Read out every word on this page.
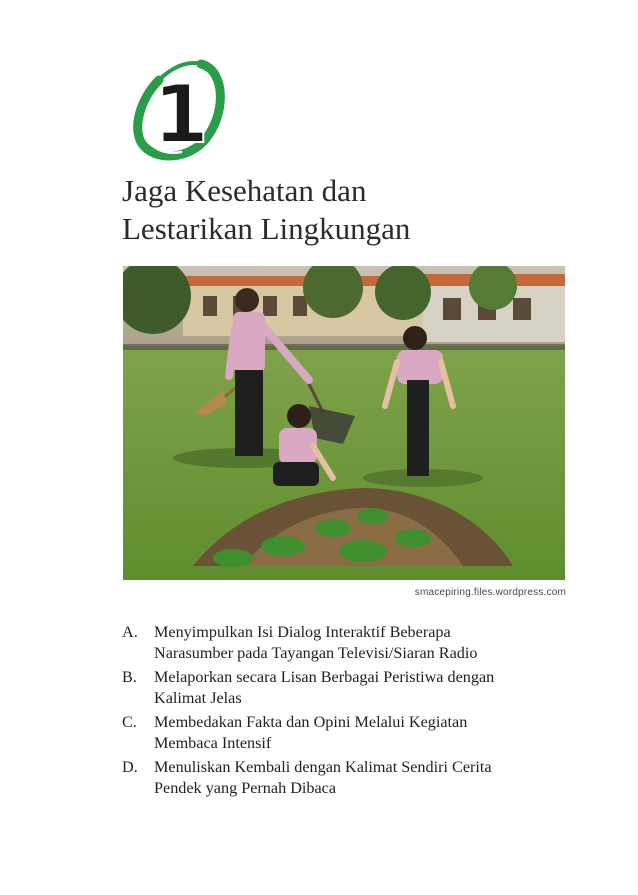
1
Jaga Kesehatan dan
Lestarikan Lingkungan
smacepiring.files.wordpress.com
A.	Menyimpulkan Isi Dialog Interaktif Beberapa
Narasumber pada Tayangan Televisi/Siaran Radio
B.	Melaporkan secara Lisan Berbagai Peristiwa dengan
Kalimat Jelas
C.	Membedakan Fakta dan Opini Melalui Kegiatan
Membaca Intensif
D.	Menuliskan Kembali dengan Kalimat Sendiri Cerita
Pendek yang Pernah Dibaca
